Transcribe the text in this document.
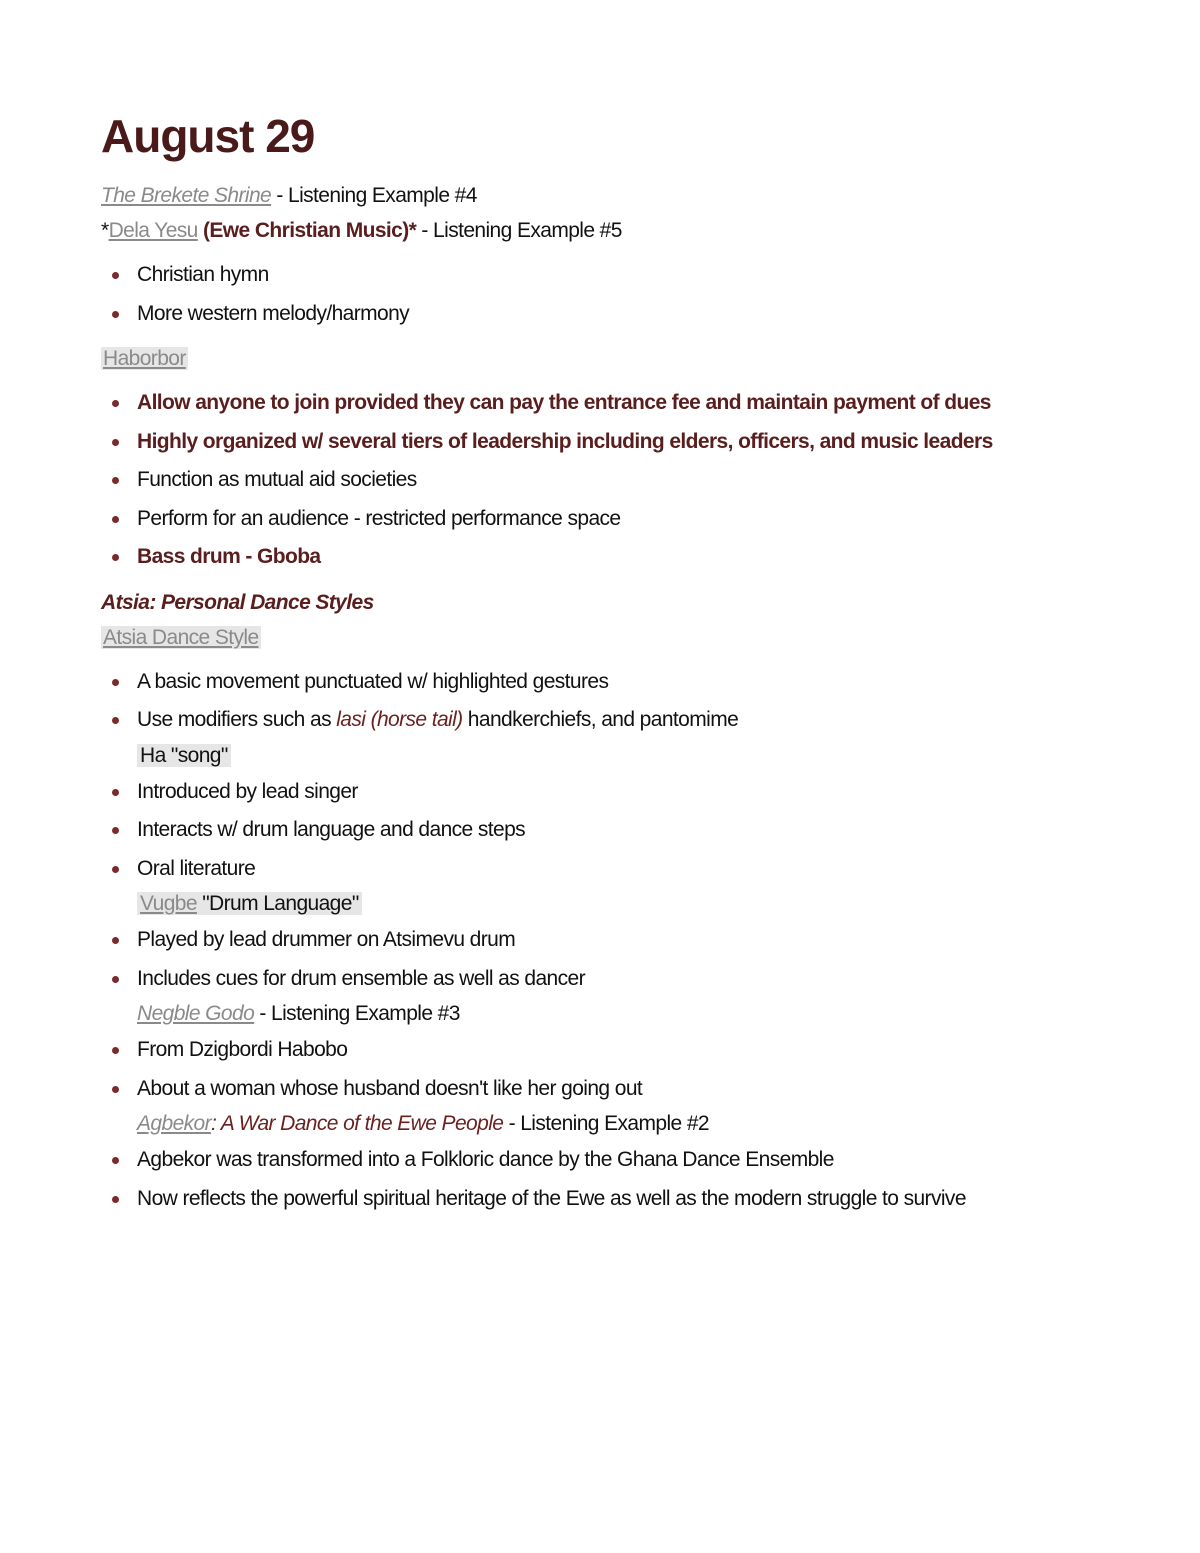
August 29
The Brekete Shrine - Listening Example #4
*Dela Yesu (Ewe Christian Music)* - Listening Example #5
Christian hymn
More western melody/harmony
Haborbor
Allow anyone to join provided they can pay the entrance fee and maintain payment of dues
Highly organized w/ several tiers of leadership including elders, officers, and music leaders
Function as mutual aid societies
Perform for an audience - restricted performance space
Bass drum - Gboba
Atsia: Personal Dance Styles
Atsia Dance Style
A basic movement punctuated w/ highlighted gestures
Use modifiers such as lasi (horse tail) handkerchiefs, and pantomime
Ha "song"
Introduced by lead singer
Interacts w/ drum language and dance steps
Oral literature
Vugbe "Drum Language"
Played by lead drummer on Atsimevu drum
Includes cues for drum ensemble as well as dancer
Negble Godo - Listening Example #3
From Dzigbordi Habobo
About a woman whose husband doesn't like her going out
Agbekor: A War Dance of the Ewe People - Listening Example #2
Agbekor was transformed into a Folkloric dance by the Ghana Dance Ensemble
Now reflects the powerful spiritual heritage of the Ewe as well as the modern struggle to survive
